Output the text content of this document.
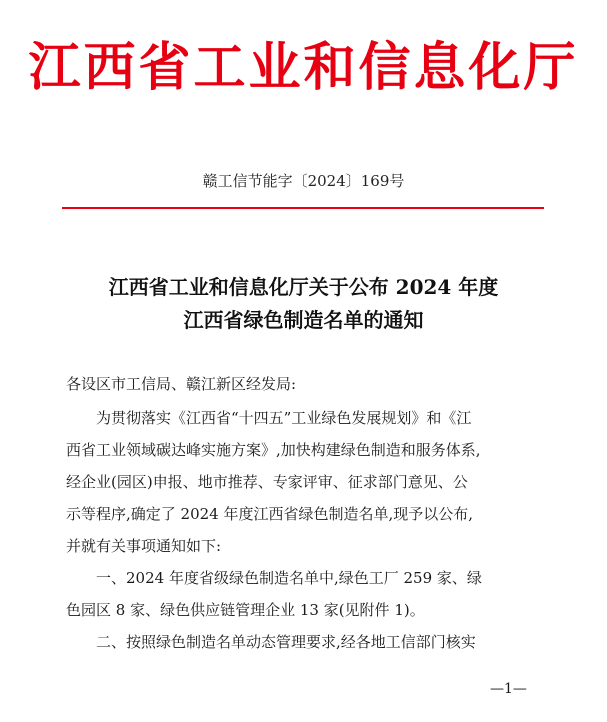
江西省工业和信息化厅
赣工信节能字〔2024〕169号
江西省工业和信息化厅关于公布 2024 年度
江西省绿色制造名单的通知
各设区市工信局、赣江新区经发局:
为贯彻落实《江西省“十四五”工业绿色发展规划》和《江
西省工业领域碳达峰实施方案》,加快构建绿色制造和服务体系,
经企业(园区)申报、地市推荐、专家评审、征求部门意见、公
示等程序,确定了 2024 年度江西省绿色制造名单,现予以公布,
并就有关事项通知如下:
一、2024 年度省级绿色制造名单中,绿色工厂 259 家、绿
色园区 8 家、绿色供应链管理企业 13 家(见附件 1)。
二、按照绿色制造名单动态管理要求,经各地工信部门核实
—1—
